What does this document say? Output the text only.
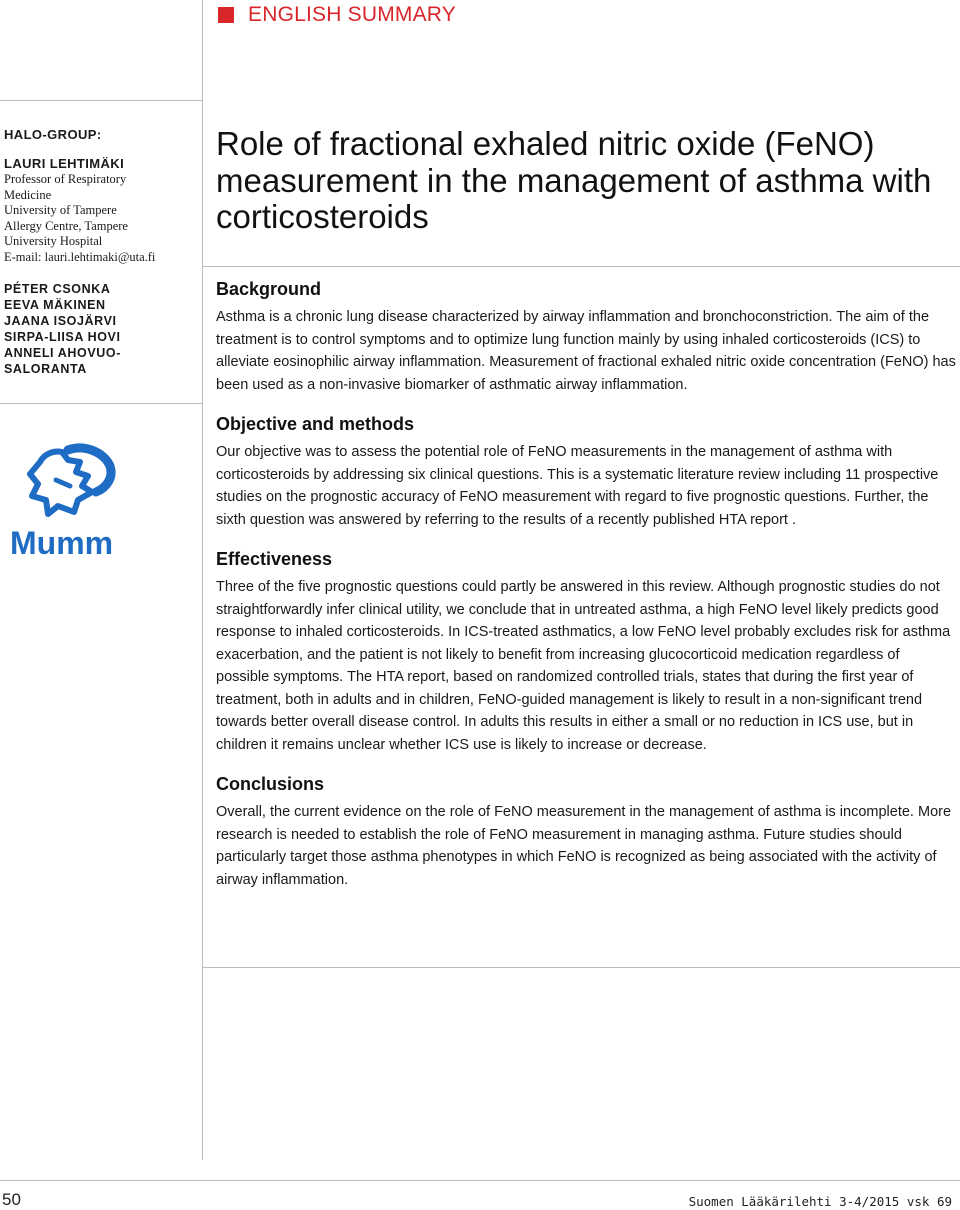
ENGLISH SUMMARY

HALO-GROUP:

LAURI LEHTIMÄKI

Professor of Respiratory

Medicine

University of Tampere

Allergy Centre, Tampere

University Hospital

E-mail: lauri.lehtimaki@uta.fi

PÉTER CSONKA

EEVA MÄKINEN

JAANA ISOJÄRVI

SIRPA-LIISA HOVI

ANNELI AHOVUO-SALORANTA

Mumm
Role of fractional exhaled nitric oxide (FeNO) measurement in the management of asthma with corticosteroids
Background

Asthma is a chronic lung disease characterized by airway inflammation and bronchoconstriction. The aim of the treatment is to control symptoms and to optimize lung function mainly by using inhaled corticosteroids (ICS) to alleviate eosinophilic airway inflammation. Measurement of fractional exhaled nitric oxide concentration (FeNO) has been used as a non-invasive biomarker of asthmatic airway inflammation.

Objective and methods

Our objective was to assess the potential role of FeNO measurements in the management of asthma with corticosteroids by addressing six clinical questions. This is a systematic literature review including 11 prospective studies on the prognostic accuracy of FeNO measurement with regard to five prognostic questions. Further, the sixth question was answered by referring to the results of a recently published HTA report .

Effectiveness

Three of the five prognostic questions could partly be answered in this review. Although prognostic studies do not straightforwardly infer clinical utility, we conclude that in untreated asthma, a high FeNO level likely predicts good response to inhaled corticosteroids. In ICS-treated asthmatics, a low FeNO level probably excludes risk for asthma exacerbation, and the patient is not likely to benefit from increasing glucocorticoid medication regardless of possible symptoms. The HTA report, based on randomized controlled trials, states that during the first year of treatment, both in adults and in children, FeNO-guided management is likely to result in a non-significant trend towards better overall disease control. In adults this results in either a small or no reduction in ICS use, but in children it remains unclear whether ICS use is likely to increase or decrease.

Conclusions

Overall, the current evidence on the role of FeNO measurement in the management of asthma is incomplete. More research is needed to establish the role of FeNO measurement in managing asthma. Future studies should particularly target those asthma phenotypes in which FeNO is recognized as being associated with the activity of airway inflammation.

50	Suomen Lääkärilehti 3-4/2015 vsk 69
